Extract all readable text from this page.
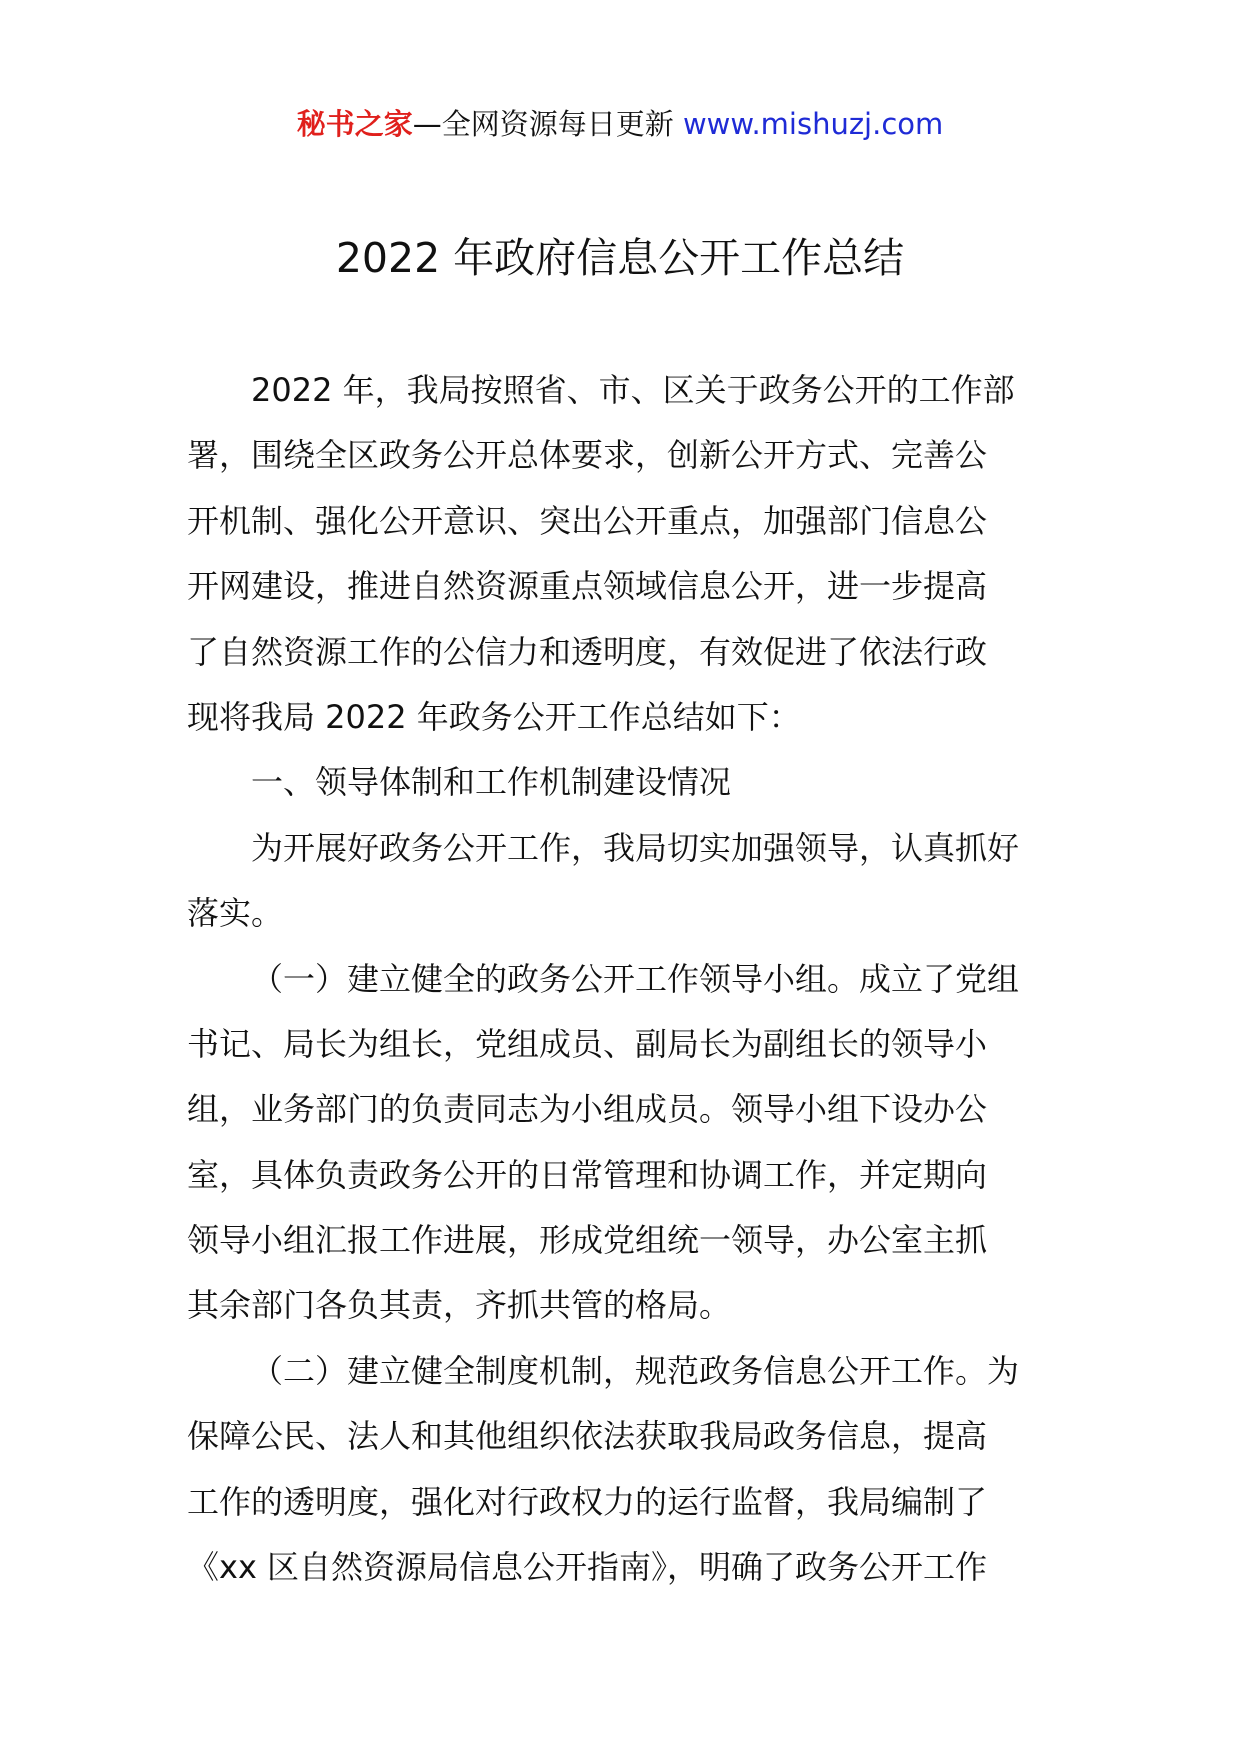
秘书之家—全网资源每日更新 www.mishuzj.com
2022 年政府信息公开工作总结
2022 年，我局按照省、市、区关于政务公开的工作部
署，围绕全区政务公开总体要求，创新公开方式、完善公
开机制、强化公开意识、突出公开重点，加强部门信息公
开网建设，推进自然资源重点领域信息公开，进一步提高
了自然资源工作的公信力和透明度，有效促进了依法行政
现将我局 2022 年政务公开工作总结如下：
一、领导体制和工作机制建设情况
为开展好政务公开工作，我局切实加强领导，认真抓好
落实。
（一）建立健全的政务公开工作领导小组。成立了党组
书记、局长为组长，党组成员、副局长为副组长的领导小
组，业务部门的负责同志为小组成员。领导小组下设办公
室，具体负责政务公开的日常管理和协调工作，并定期向
领导小组汇报工作进展，形成党组统一领导，办公室主抓
其余部门各负其责，齐抓共管的格局。
（二）建立健全制度机制，规范政务信息公开工作。为
保障公民、法人和其他组织依法获取我局政务信息，提高
工作的透明度，强化对行政权力的运行监督，我局编制了
《xx 区自然资源局信息公开指南》，明确了政务公开工作
